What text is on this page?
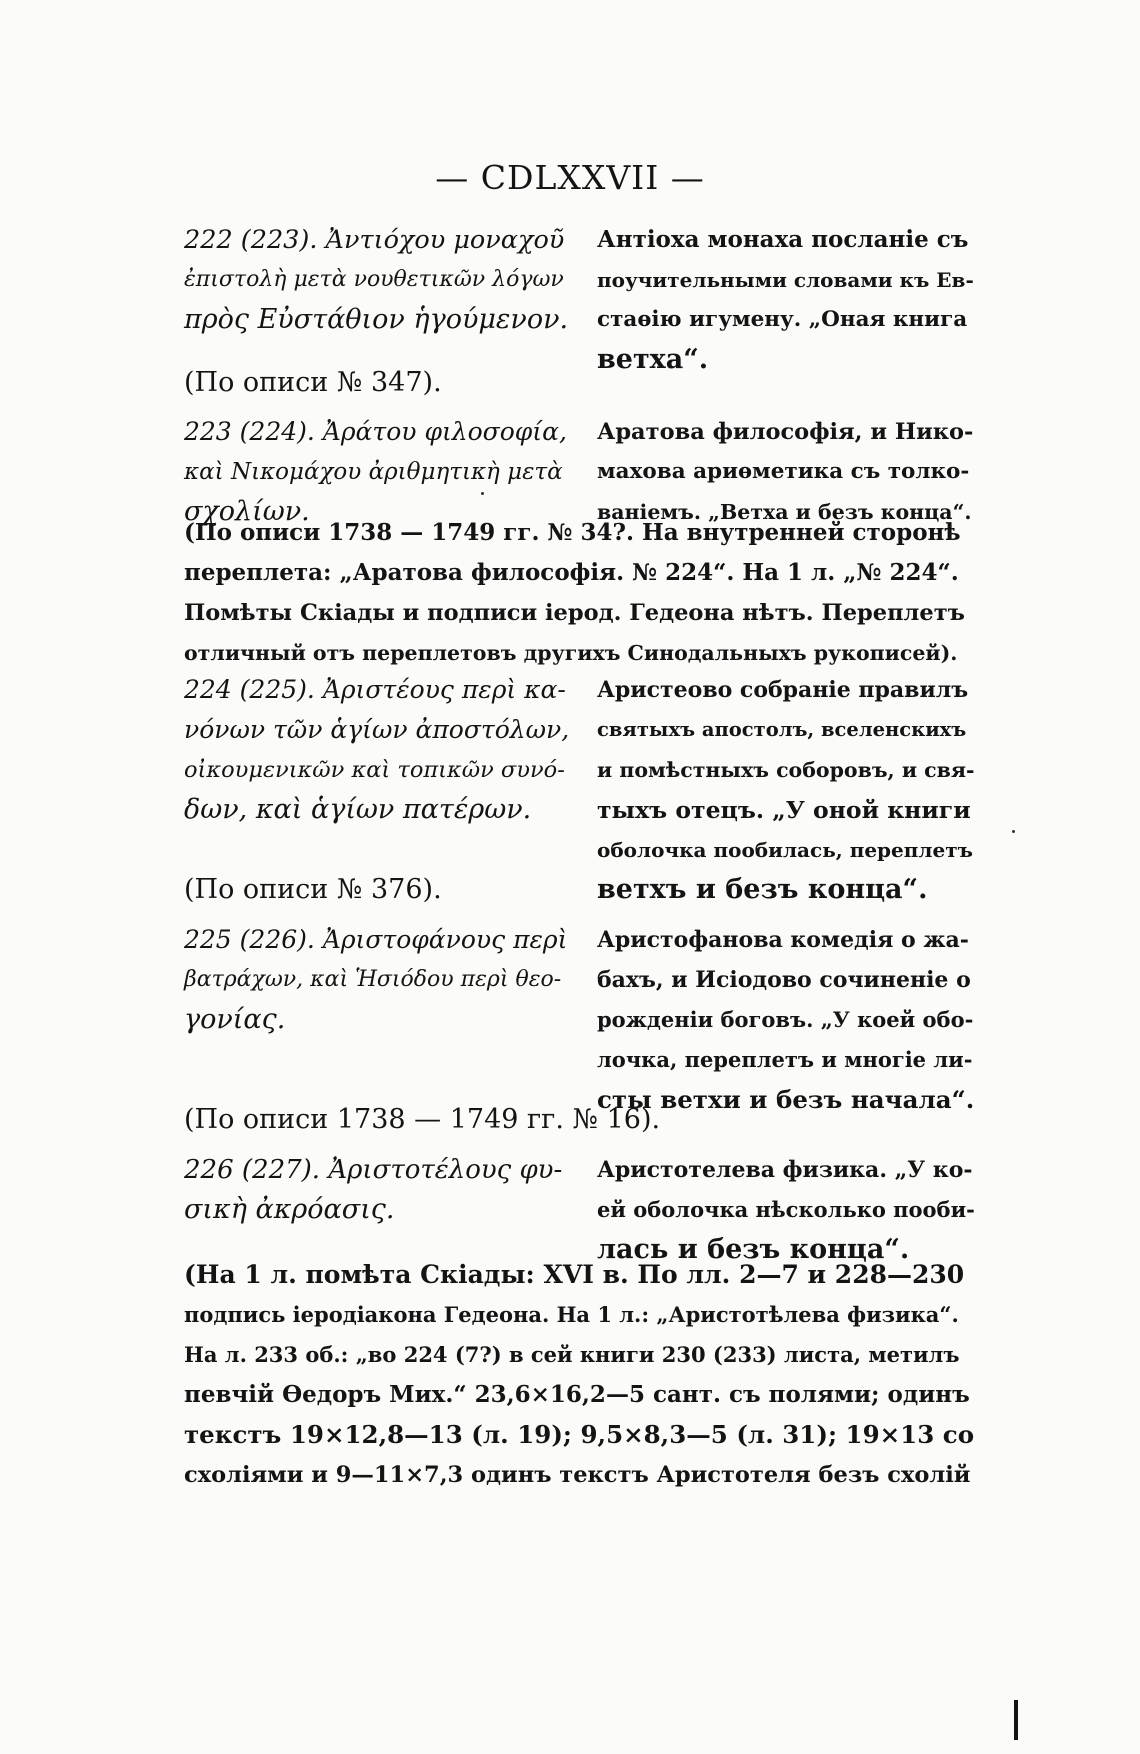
— CDLXXVII —
222 (223). Ἀντιόχου μοναχοῦ
ἐπιστολὴ μετὰ νουθετικῶν λόγων
πρὸς Εὐστάθιον ἡγούμενον.
Антіоха монаха посланіе съ
поучительными словами къ Ев-
стаѳію игумену. „Оная книга
ветха“.
(По описи № 347).
223 (224). Ἀράτου φιλοσοφία,
καὶ Νικομάχου ἀριθμητικὴ μετὰ
σχολίων.
Аратова философія, и Нико-
махова ариѳметика съ толко-
ваніемъ. „Ветха и безъ конца“.
(По описи 1738 — 1749 гг. № 34?. На внутренней сторонѣ
переплета: „Аратова философія. № 224“. На 1 л. „№ 224“.
Помѣты Скіады и подписи іерод. Гедеона нѣтъ. Переплетъ
отличный отъ переплетовъ другихъ Синодальныхъ рукописей).
224 (225). Ἀριστέους περὶ κα-
νόνων τῶν ἁγίων ἀποστόλων,
οἰκουμενικῶν καὶ τοπικῶν συνό-
δων, καὶ ἁγίων πατέρων.
Аристеово собраніе правилъ
святыхъ апостолъ, вселенскихъ
и помѣстныхъ соборовъ, и свя-
тыхъ отецъ. „У оной книги
оболочка пообилась, переплетъ
ветхъ и безъ конца“.
(По описи № 376).
225 (226). Ἀριστοφάνους περὶ
βατράχων, καὶ Ἡσιόδου περὶ θεο-
γονίας.
Аристофанова комедія о жа-
бахъ, и Исіодово сочиненіе о
рожденіи боговъ. „У коей обо-
лочка, переплетъ и многіе ли-
сты ветхи и безъ начала“.
(По описи 1738 — 1749 гг. № 16).
226 (227). Ἀριστοτέλους φυ-
σικὴ ἀκρόασις.
Аристотелева физика. „У ко-
ей оболочка нѣсколько пооби-
лась и безъ конца“.
(На 1 л. помѣта Скіады: XVI в. По лл. 2—7 и 228—230
подпись іеродіакона Гедеона. На 1 л.: „Аристотѣлева физика“.
На л. 233 об.: „во 224 (7?) в сей книги 230 (233) листа, метилъ
певчій Ѳедоръ Мих.“ 23,6×16,2—5 сант. съ полями; одинъ
текстъ 19×12,8—13 (л. 19); 9,5×8,3—5 (л. 31); 19×13 со
схоліями и 9—11×7,3 одинъ текстъ Аристотеля безъ схолій
